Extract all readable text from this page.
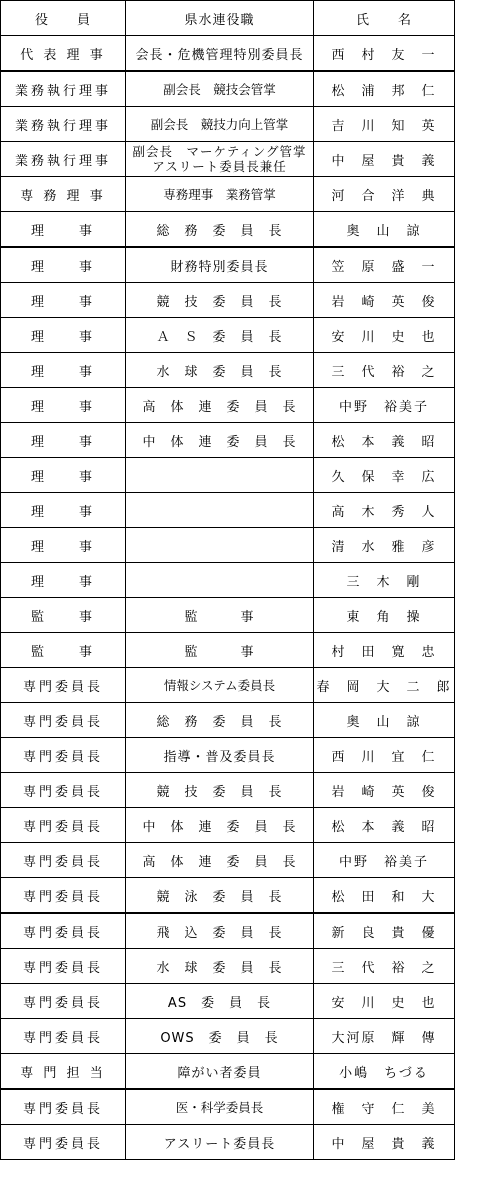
役　　員	県水連役職	氏　　名
代 表 理 事	会長・危機管理特別委員長	西　村　友　一
業務執行理事	副会長　競技会管掌	松　浦　邦　仁
業務執行理事	副会長　競技力向上管掌	吉　川　知　英
業務執行理事	副会長　マーケティング管掌アスリート委員長兼任	中　屋　貴　義
専 務 理 事	専務理事　業務管掌	河　合　洋　典
理　　事	総　務　委　員　長	奥　山　諒
理　　事	財務特別委員長	笠　原　盛　一
理　　事	競　技　委　員　長	岩　崎　英　俊
理　　事	Ａ　Ｓ　委　員　長	安　川　史　也
理　　事	水　球　委　員　長	三　代　裕　之
理　　事	高　体　連　委　員　長	中野　裕美子
理　　事	中　体　連　委　員　長	松　本　義　昭
理　　事		久　保　幸　広
理　　事		高　木　秀　人
理　　事		清　水　雅　彦
理　　事		三　木　剛
監　　事	監　　　事	東　角　操
監　　事	監　　　事	村　田　寛　忠
専門委員長	情報システム委員長	春　岡　大　二　郎
専門委員長	総　務　委　員　長	奥　山　諒
専門委員長	指導・普及委員長	西　川　宜　仁
専門委員長	競　技　委　員　長	岩　崎　英　俊
専門委員長	中　体　連　委　員　長	松　本　義　昭
専門委員長	高　体　連　委　員　長	中野　裕美子
専門委員長	競　泳　委　員　長	松　田　和　大
専門委員長	飛　込　委　員　長	新　良　貴　優
専門委員長	水　球　委　員　長	三　代　裕　之
専門委員長	AS　委　員　長	安　川　史　也
専門委員長	OWS　委　員　長	大河原　輝　傳
専 門 担 当	障がい者委員	小嶋　ちづる
専門委員長	医・科学委員長	権　守　仁　美
専門委員長	アスリート委員長	中　屋　貴　義
